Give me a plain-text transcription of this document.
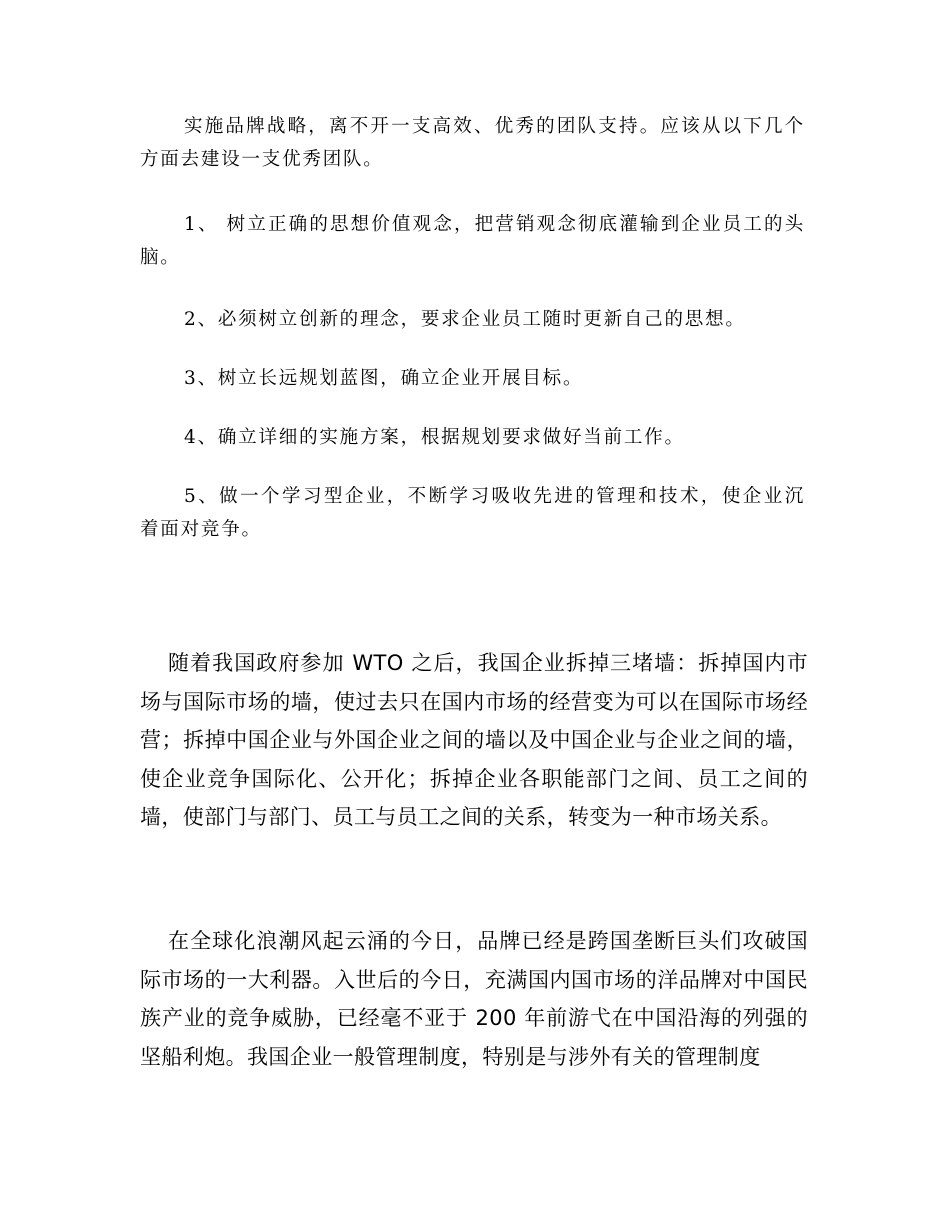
实施品牌战略，离不开一支高效、优秀的团队支持。应该从以下几个方面去建设一支优秀团队。

1、 树立正确的思想价值观念，把营销观念彻底灌输到企业员工的头脑。

2、必须树立创新的理念，要求企业员工随时更新自己的思想。

3、树立长远规划蓝图，确立企业开展目标。

4、确立详细的实施方案，根据规划要求做好当前工作。

5、做一个学习型企业，不断学习吸收先进的管理和技术，使企业沉着面对竞争。

随着我国政府参加 WTO 之后，我国企业拆掉三堵墙：拆掉国内市场与国际市场的墙，使过去只在国内市场的经营变为可以在国际市场经营；拆掉中国企业与外国企业之间的墙以及中国企业与企业之间的墙，使企业竞争国际化、公开化；拆掉企业各职能部门之间、员工之间的墙，使部门与部门、员工与员工之间的关系，转变为一种市场关系。

在全球化浪潮风起云涌的今日，品牌已经是跨国垄断巨头们攻破国际市场的一大利器。入世后的今日，充满国内国市场的洋品牌对中国民族产业的竞争威胁，已经毫不亚于 200 年前游弋在中国沿海的列强的坚船利炮。我国企业一般管理制度，特别是与涉外有关的管理制度
